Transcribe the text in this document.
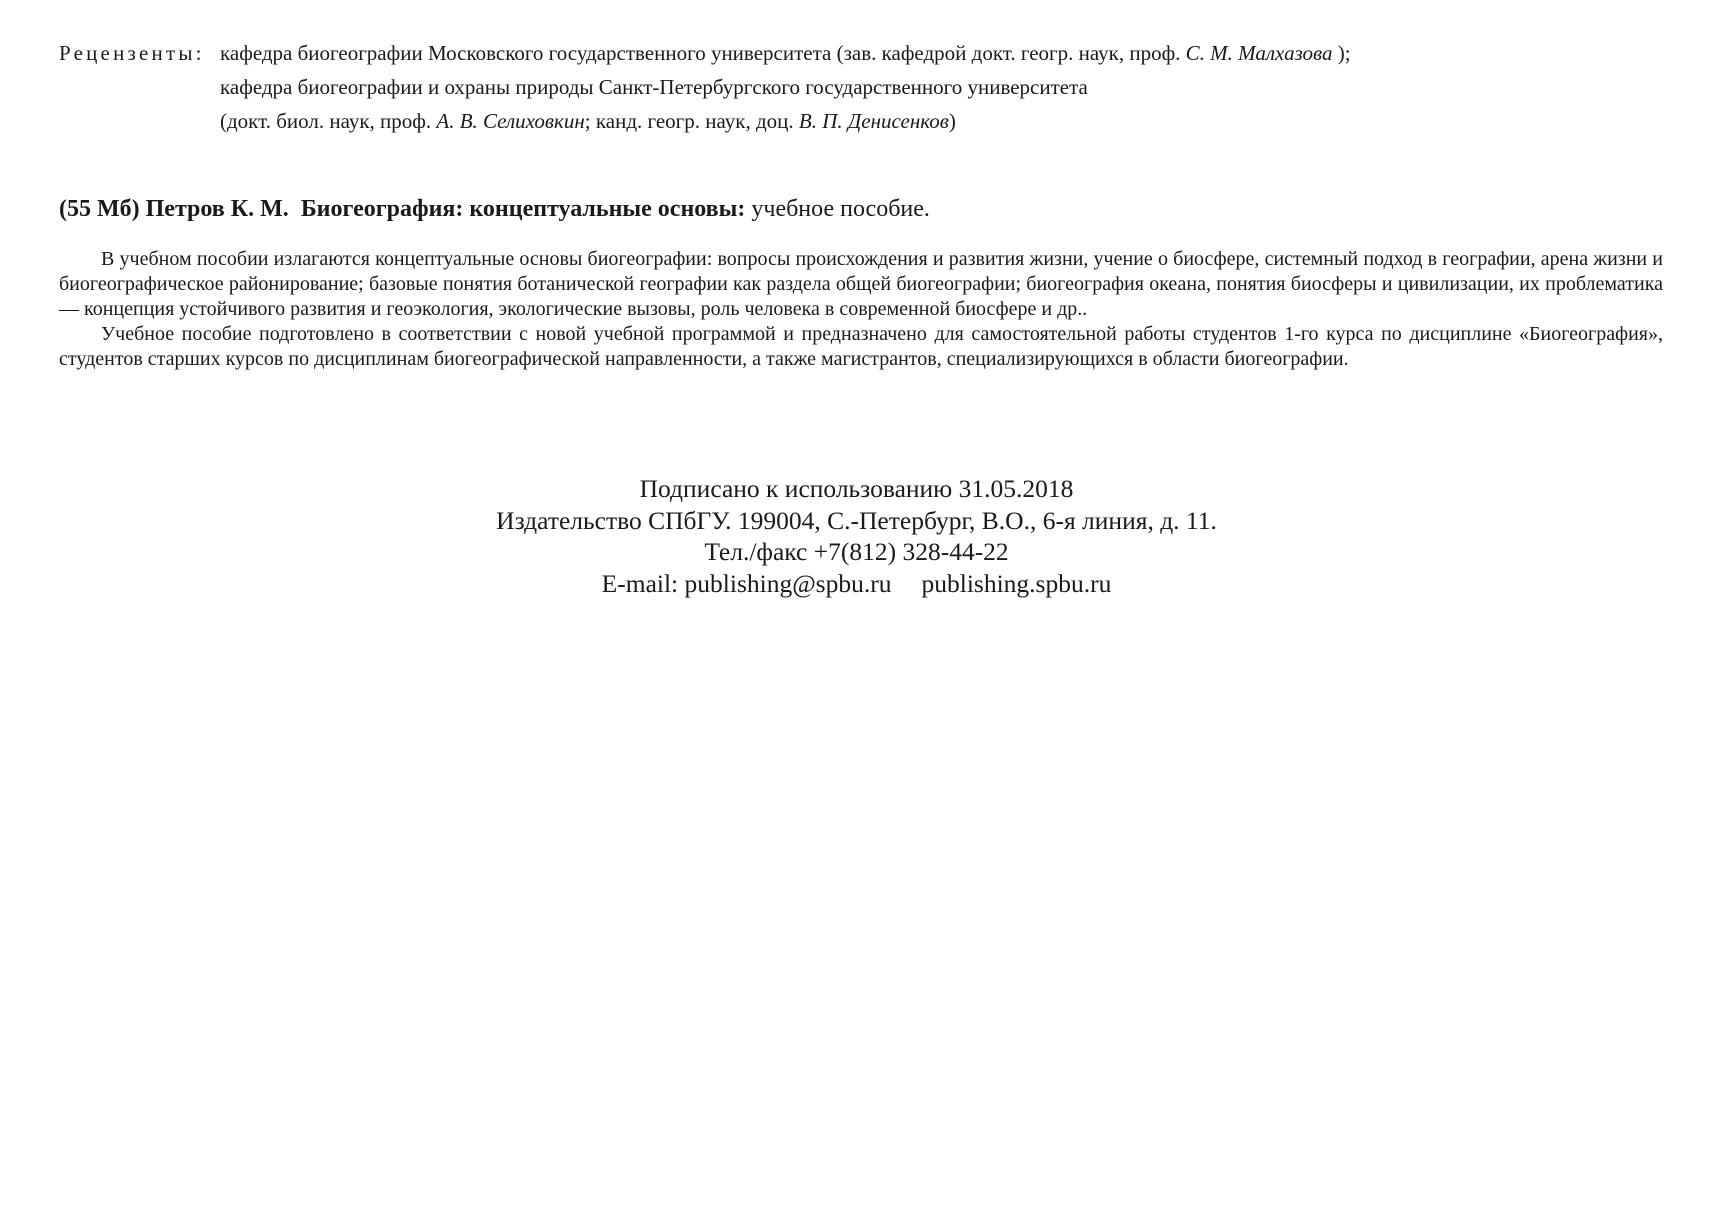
Рецензенты: кафедра биогеографии Московского государственного университета (зав. кафедрой докт. геогр. наук, проф. С. М. Малхазова );
кафедра биогеографии и охраны природы Санкт-Петербургского государственного университета
(докт. биол. наук, проф. А. В. Селиховкин; канд. геогр. наук, доц. В. П. Денисенков)
(55 Мб) Петров К. М. Биогеография: концептуальные основы: учебное пособие.

В учебном пособии излагаются концептуальные основы биогеографии: вопросы происхождения и развития жизни, учение о биосфере, системный подход в географии, арена жизни и биогеографическое районирование; базовые понятия ботанической географии как раздела общей биогеографии; биогеография океана, понятия биосферы и цивилизации, их проблематика — концепция устойчивого развития и геоэкология, экологические вызовы, роль человека в современной биосфере и др..

Учебное пособие подготовлено в соответствии с новой учебной программой и предназначено для самостоятельной работы студентов 1-го курса по дисциплине «Биогеография», студентов старших курсов по дисциплинам биогеографической направленности, а также магистрантов, специализирующихся в области биогеографии.

Подписано к использованию 31.05.2018
Издательство СПбГУ. 199004, С.-Петербург, В.О., 6-я линия, д. 11.
Тел./факс +7(812) 328-44-22
E-mail: publishing@spbu.ru publishing.spbu.ru
